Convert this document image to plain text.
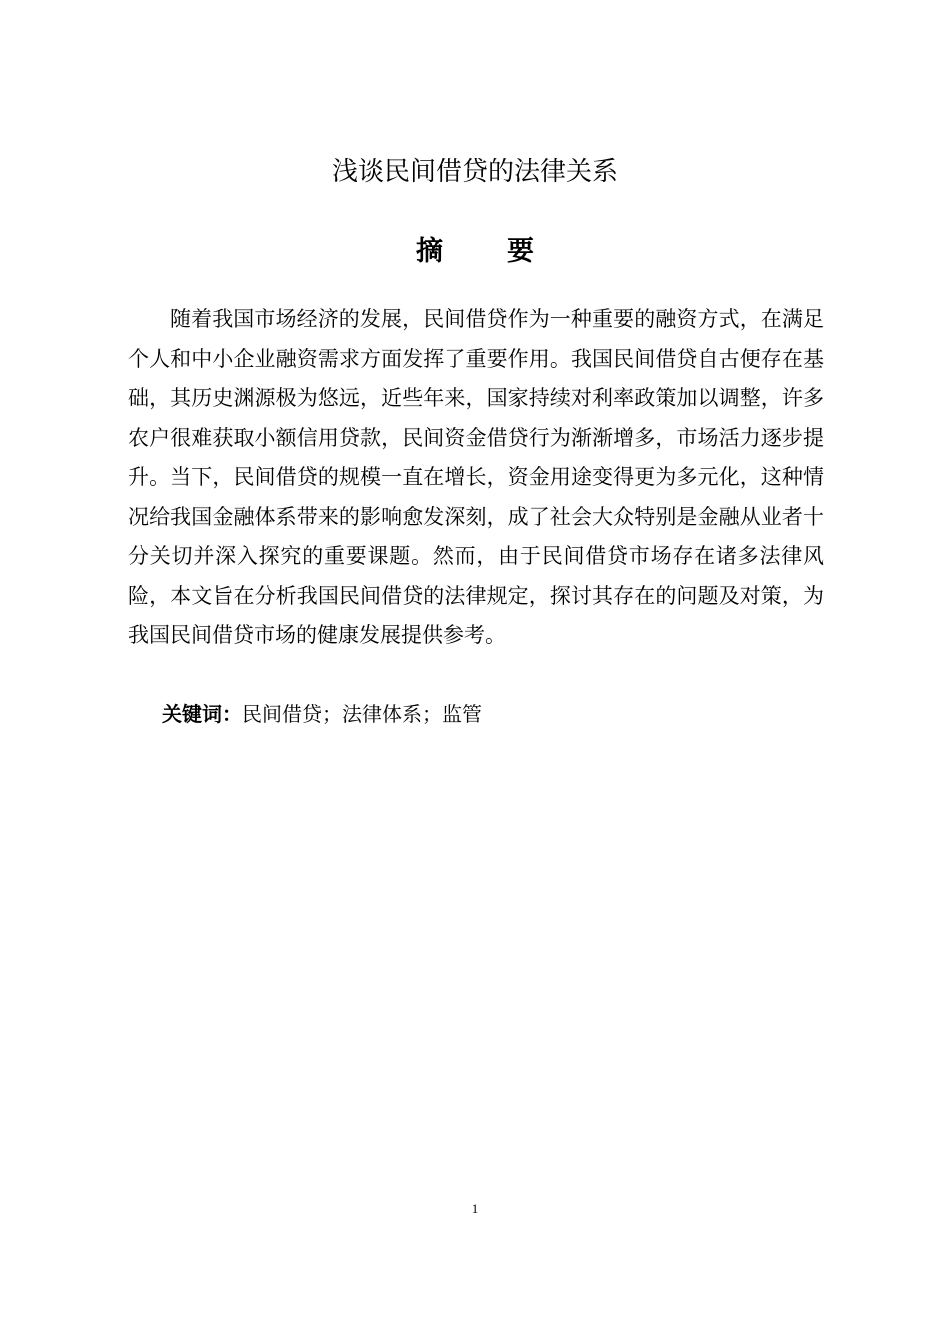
浅谈民间借贷的法律关系
摘要

随着我国市场经济的发展，民间借贷作为一种重要的融资方式，在满足个人和中小企业融资需求方面发挥了重要作用。我国民间借贷自古便存在基础，其历史渊源极为悠远，近些年来，国家持续对利率政策加以调整，许多农户很难获取小额信用贷款，民间资金借贷行为渐渐增多，市场活力逐步提升。当下，民间借贷的规模一直在增长，资金用途变得更为多元化，这种情况给我国金融体系带来的影响愈发深刻，成了社会大众特别是金融从业者十分关切并深入探究的重要课题。然而，由于民间借贷市场存在诸多法律风险，本文旨在分析我国民间借贷的法律规定，探讨其存在的问题及对策，为我国民间借贷市场的健康发展提供参考。

关键词：民间借贷；法律体系；监管

1
